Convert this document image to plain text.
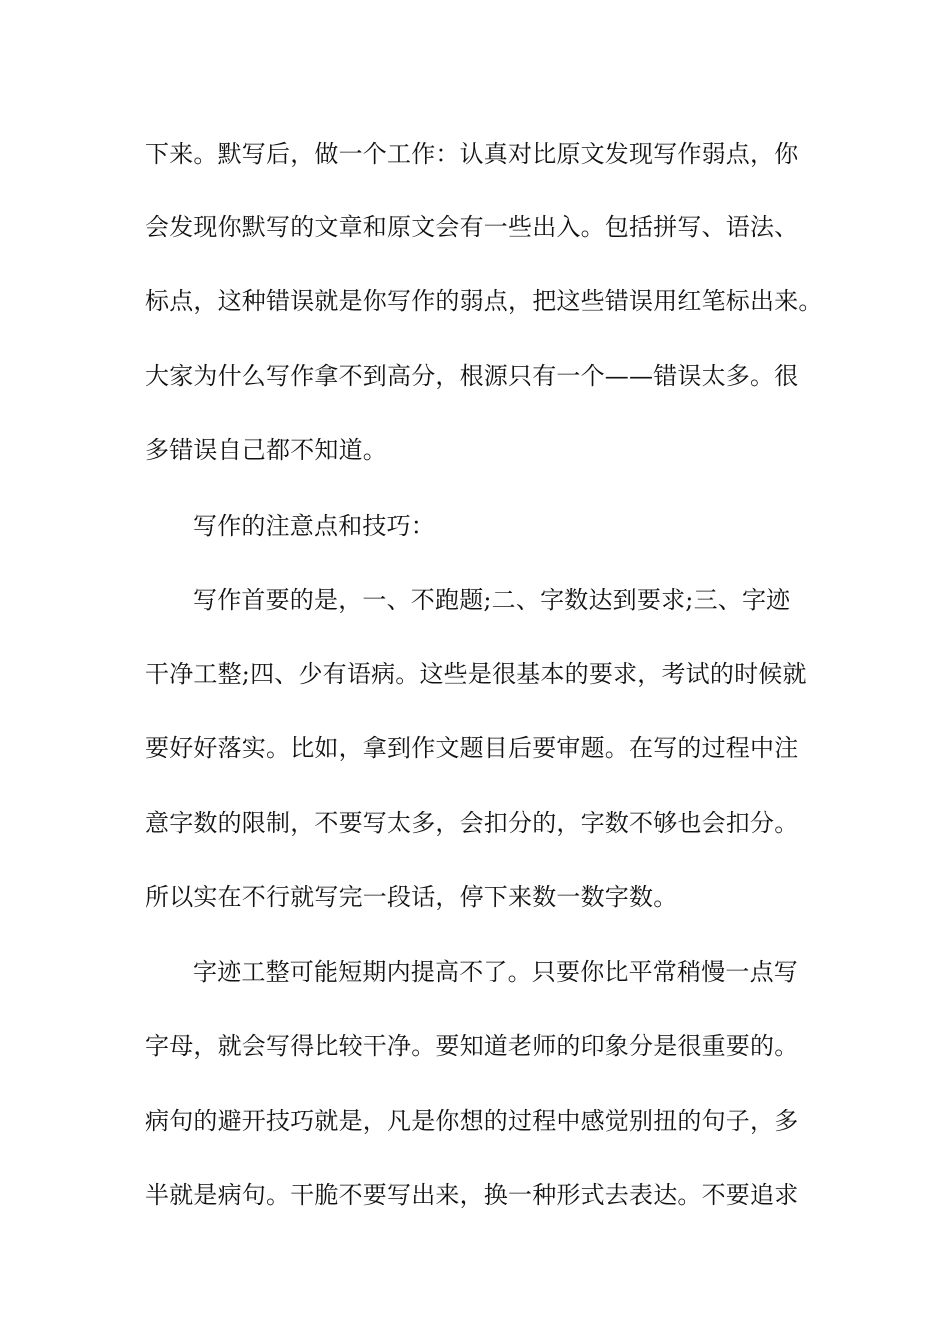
下来。默写后，做一个工作：认真对比原文发现写作弱点，你
会发现你默写的文章和原文会有一些出入。包括拼写、语法、
标点，这种错误就是你写作的弱点，把这些错误用红笔标出来。
大家为什么写作拿不到高分，根源只有一个——错误太多。很
多错误自己都不知道。
写作的注意点和技巧：
写作首要的是，一、不跑题;二、字数达到要求;三、字迹
干净工整;四、少有语病。这些是很基本的要求，考试的时候就
要好好落实。比如，拿到作文题目后要审题。在写的过程中注
意字数的限制，不要写太多，会扣分的，字数不够也会扣分。
所以实在不行就写完一段话，停下来数一数字数。
字迹工整可能短期内提高不了。只要你比平常稍慢一点写
字母，就会写得比较干净。要知道老师的印象分是很重要的。
病句的避开技巧就是，凡是你想的过程中感觉别扭的句子，多
半就是病句。干脆不要写出来，换一种形式去表达。不要追求
